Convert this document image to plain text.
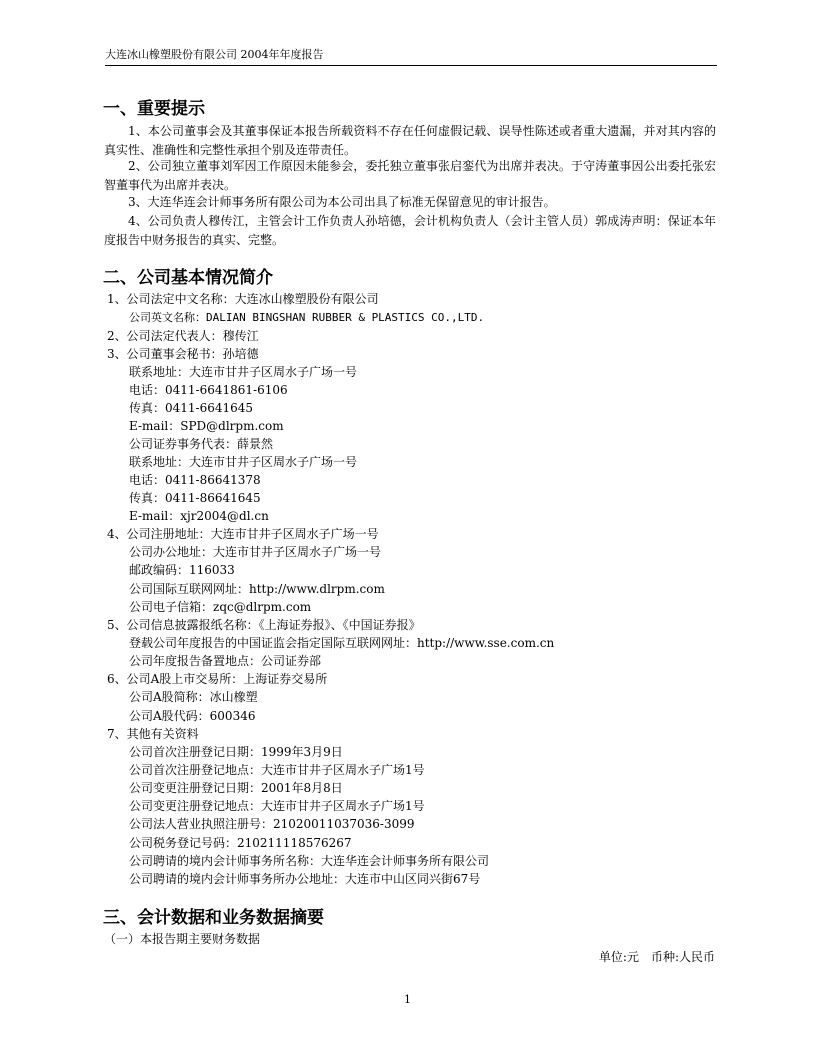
大连冰山橡塑股份有限公司 2004年年度报告
一、重要提示

1、本公司董事会及其董事保证本报告所载资料不存在任何虚假记载、误导性陈述或者重大遗漏，并对其内容的真实性、准确性和完整性承担个别及连带责任。

2、公司独立董事刘军因工作原因未能参会，委托独立董事张启銮代为出席并表决。于守涛董事因公出委托张宏智董事代为出席并表决。

3、大连华连会计师事务所有限公司为本公司出具了标准无保留意见的审计报告。

4、公司负责人穆传江，主管会计工作负责人孙培德，会计机构负责人（会计主管人员）郭成涛声明：保证本年度报告中财务报告的真实、完整。

二、公司基本情况简介
1、公司法定中文名称：大连冰山橡塑股份有限公司
公司英文名称：DALIAN BINGSHAN RUBBER & PLASTICS CO.,LTD.
2、公司法定代表人：穆传江
3、公司董事会秘书：孙培德
联系地址：大连市甘井子区周水子广场一号
电话：0411-6641861-6106
传真：0411-6641645
E-mail：SPD@dlrpm.com
公司证券事务代表：薛景然
联系地址：大连市甘井子区周水子广场一号
电话：0411-86641378
传真：0411-86641645
E-mail：xjr2004@dl.cn
4、公司注册地址：大连市甘井子区周水子广场一号
公司办公地址：大连市甘井子区周水子广场一号
邮政编码：116033
公司国际互联网网址：http://www.dlrpm.com
公司电子信箱：zqc@dlrpm.com
5、公司信息披露报纸名称：《上海证券报》、《中国证券报》
登载公司年度报告的中国证监会指定国际互联网网址：http://www.sse.com.cn
公司年度报告备置地点：公司证券部
6、公司A股上市交易所：上海证券交易所
公司A股简称：冰山橡塑
公司A股代码：600346
7、其他有关资料
公司首次注册登记日期：1999年3月9日
公司首次注册登记地点：大连市甘井子区周水子广场1号
公司变更注册登记日期：2001年8月8日
公司变更注册登记地点：大连市甘井子区周水子广场1号
公司法人营业执照注册号：21020011037036-3099
公司税务登记号码：210211118576267
公司聘请的境内会计师事务所名称：大连华连会计师事务所有限公司
公司聘请的境内会计师事务所办公地址：大连市中山区同兴街67号
三、会计数据和业务数据摘要
（一）本报告期主要财务数据
单位:元　币种:人民币
1
